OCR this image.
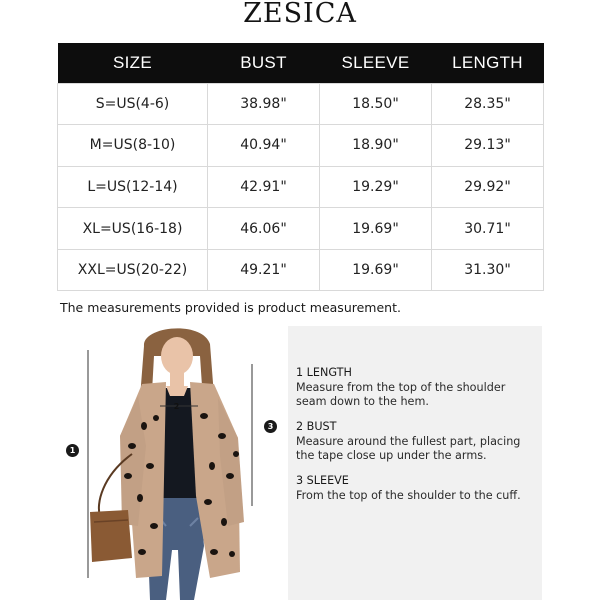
ZESICA
SIZE	BUST	SLEEVE	LENGTH
S=US(4-6)	38.98"	18.50"	28.35"
M=US(8-10)	40.94"	18.90"	29.13"
L=US(12-14)	42.91"	19.29"	29.92"
XL=US(16-18)	46.06"	19.69"	30.71"
XXL=US(20-22)	49.21"	19.69"	31.30"
The measurements provided is product measurement.
1
2
3
1 LENGTH
Measure from the top of the shoulder
seam down to the hem.
2 BUST
Measure around the fullest part, placing
the tape close up under the arms.
3 SLEEVE
From the top of the shoulder to the cuff.
